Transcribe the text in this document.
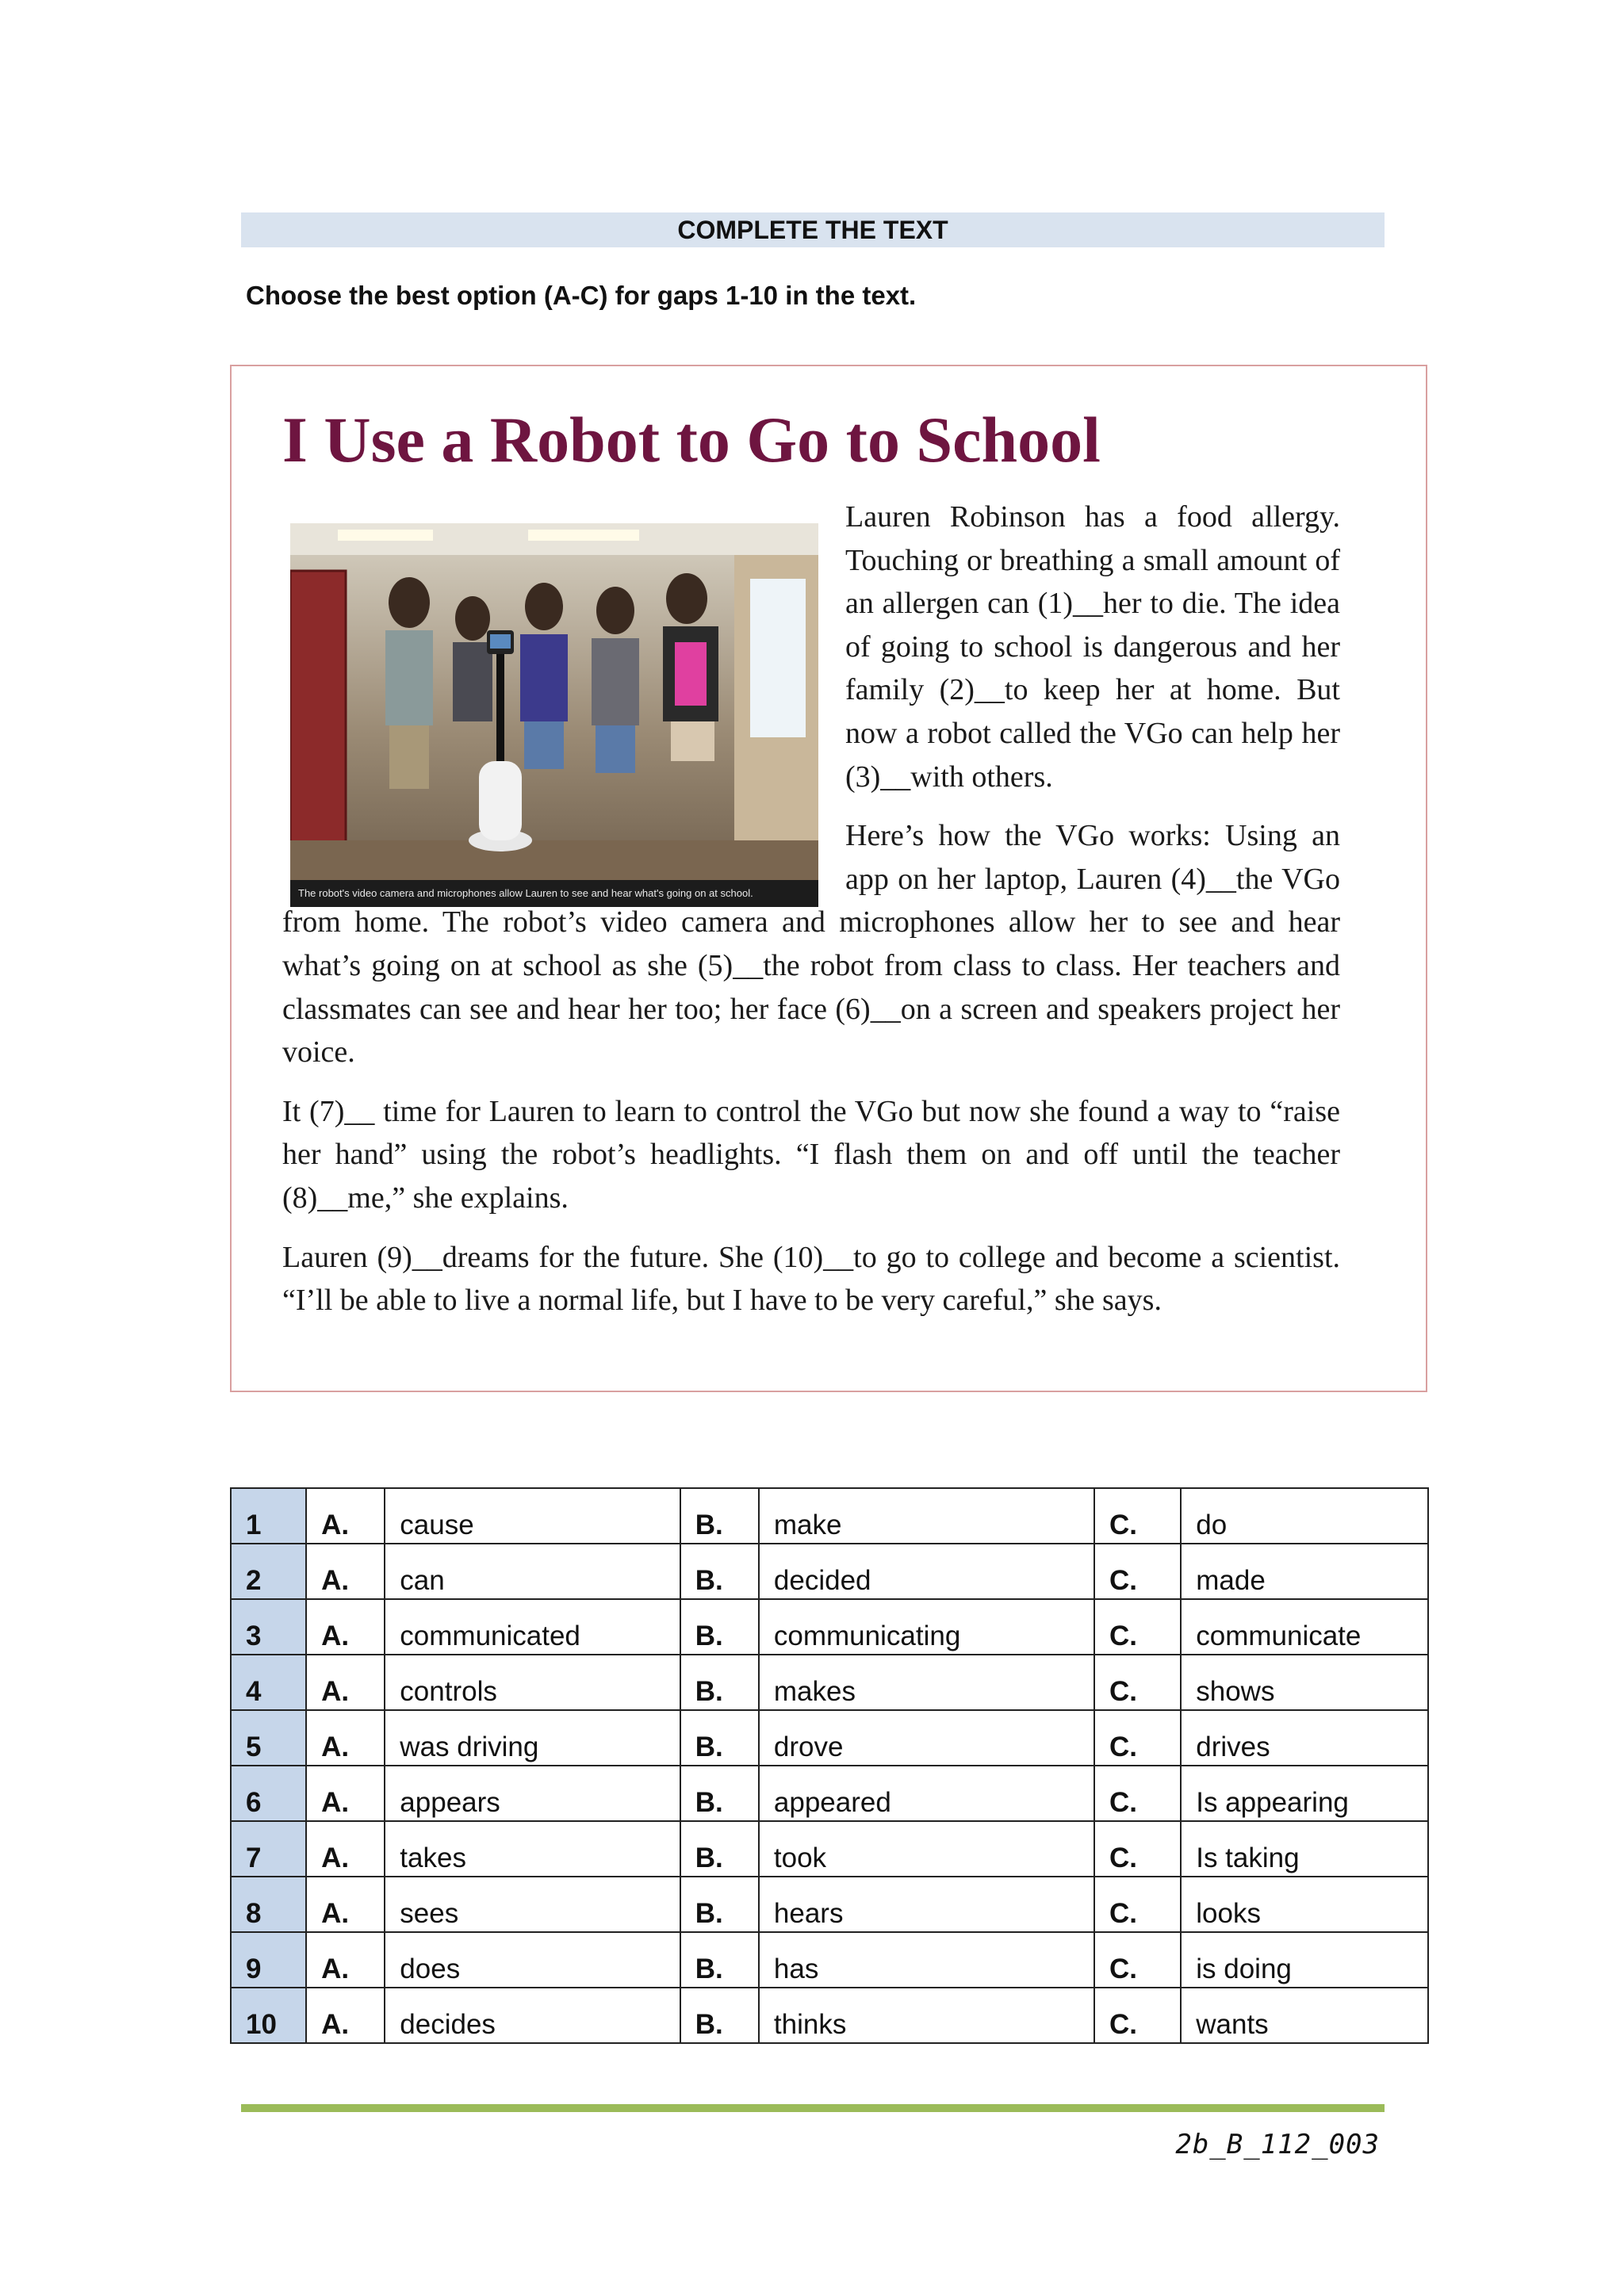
COMPLETE THE TEXT
Choose the best option (A-C) for gaps 1-10 in the text.
I Use a Robot to Go to School
The robot's video camera and microphones allow Lauren to see and hear what's going on at school.

Lauren Robinson has a food allergy. Touching or breathing a small amount of an allergen can (1)__her to die. The idea of going to school is dangerous and her family (2)__to keep her at home. But now a robot called the VGo can help her (3)__with others.

Here’s how the VGo works: Using an app on her laptop, Lauren (4)__the VGo from home. The robot’s video camera and microphones allow her to see and hear what’s going on at school as she (5)__the robot from class to class. Her teachers and classmates can see and hear her too; her face (6)__on a screen and speakers project her voice.

It (7)__ time for Lauren to learn to control the VGo but now she found a way to “raise her hand” using the robot’s headlights. “I flash them on and off until the teacher (8)__me,” she explains.

Lauren (9)__dreams for the future. She (10)__to go to college and become a scientist. “I’ll be able to live a normal life, but I have to be very careful,” she says.

1	A.	cause	B.	make	C.	do
2	A.	can	B.	decided	C.	made
3	A.	communicated	B.	communicating	C.	communicate
4	A.	controls	B.	makes	C.	shows
5	A.	was driving	B.	drove	C.	drives
6	A.	appears	B.	appeared	C.	Is appearing
7	A.	takes	B.	took	C.	Is taking
8	A.	sees	B.	hears	C.	looks
9	A.	does	B.	has	C.	is doing
10	A.	decides	B.	thinks	C.	wants
2b_B_112_003
